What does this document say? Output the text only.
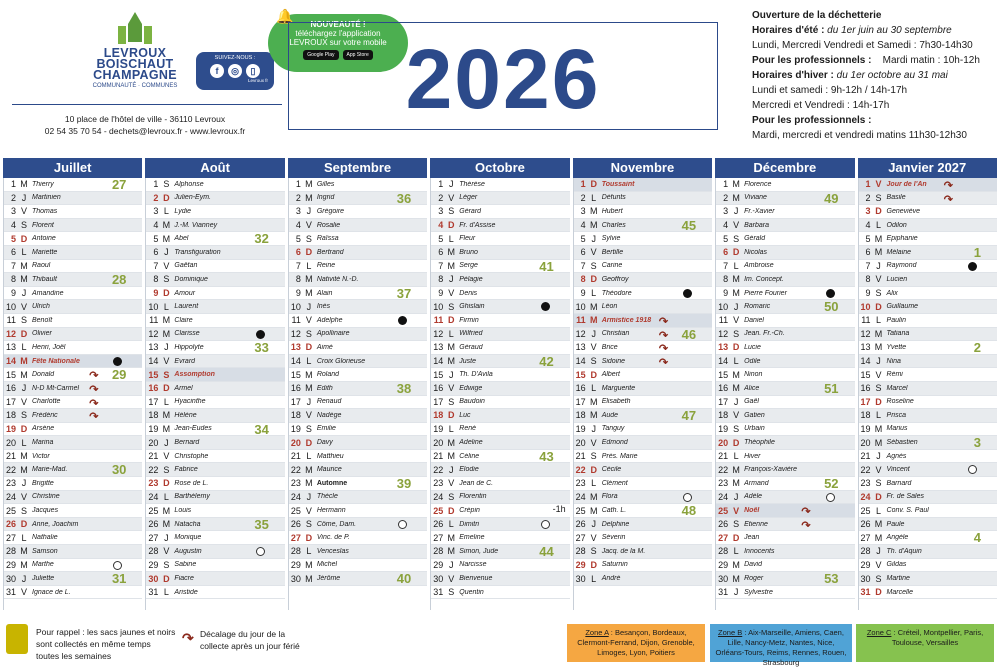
LEVROUX
BOISCHAUT
CHAMPAGNE
COMMUNAUTÉ · COMMUNES
SUIVEZ-NOUS :
f	◎	▯
Levroux fr
NOUVEAUTÉ !
téléchargez l'application
LEVROUX sur votre mobile
Google Play	App Store
🔔
10 place de l'hôtel de ville - 36110 Levroux
02 54 35 70 54 - dechets@levroux.fr - www.levroux.fr
2026
Ouverture de la déchetterie
Horaires d'été : du 1er juin au 30 septembre
Lundi, Mercredi Vendredi et Samedi : 7h30-14h30
Pour les professionnels : Mardi matin : 10h-12h
Horaires d'hiver : du 1er octobre au 31 mai
Lundi et samedi : 9h-12h / 14h-17h
Mercredi et Vendredi : 14h-17h
Pour les professionnels :
Mardi, mercredi et vendredi matins 11h30-12h30
Juillet
1 M Thierry	27
2 J Martinien
3 V Thomas
4 S Florent
5 D Antoine
6 L Mariette
7 M Raoul
8 M Thibault	28
9 J Amandine
10 V Ulrich
11 S Benoît
12 D Olivier
13 L Henri, Joël
14 M Fête Nationale
15 M Donald	29
↷
16 J N-D Mt-Carmel ↷
17 V Charlotte	↷
18 S Frédéric	↷
19 D Arsène
20 L Marina
21 M Victor
22 M Marie-Mad.	30
23 J Brigitte
24 V Christine
25 S Jacques
26 D Anne, Joachim
27 L Nathalie
28 M Samson
29 M Marthe
30 J Juliette	31
31 V Ignace de L.
Août
1 S Alphonse
2 D Julien-Eym.
3 L Lydie
4 M J.-M. Vianney
5 M Abel	32
6 J Transfiguration
7 V Gaëtan
8 S Dominique
9 D Amour
10 L Laurent
11 M Claire
12 M Clarisse
13 J Hippolyte	33
14 V Evrard
15 S Assomption
16 D Armel
17 L Hyacinthe
18 M Hélène
19 M Jean-Eudes	34
20 J Bernard
21 V Christophe
22 S Fabrice
23 D Rose de L.
24 L Barthélemy
25 M Louis
26 M Natacha	35
27 J Monique
28 V Augustin
29 S Sabine
30 D Fiacre
31 L Aristide
Septembre
1 M Gilles
2 M Ingrid	36
3 J Grégoire
4 V Rosalie
5 S Raïssa
6 D Bertrand
7 L Reine
8 M Nativité N.-D.
9 M Alain	37
10 J Inès
11 V Adelphe
12 S Apollinaire
13 D Aimé
14 L Croix Glorieuse
15 M Roland
16 M Edith	38
17 J Renaud
18 V Nadège
19 S Emilie
20 D Davy
21 L Matthieu
22 M Maurice
23 M Automne	39
24 J Thècle
25 V Hermann
26 S Côme, Dam.
27 D Vinc. de P.
28 L Venceslas
29 M Michel
30 M Jérôme	40
Octobre
1 J Thérèse
2 V Léger
3 S Gérard
4 D Fr. d'Assise
5 L Fleur
6 M Bruno
7 M Serge	41
8 J Pélagie
9 V Denis
10 S Ghislain
11 D Firmin
12 L Wilfried
13 M Géraud
14 M Juste	42
15 J Th. D'Avila
16 V Edwige
17 S Baudoin
18 D Luc
19 L René
20 M Adeline
21 M Céline	43
22 J Elodie
23 V Jean de C.
24 S Florentin
25 D Crépin	-1h
26 L Dimitri
27 M Emeline
28 M Simon, Jude	44
29 J Narcisse
30 V Bienvenue
31 S Quentin
Novembre
1 D Toussaint
2 L Défunts
3 M Hubert
4 M Charles	45
5 J Sylvie
6 V Bertille
7 S Carine
8 D Geoffroy
9 L Théodore
10 M Léon
11 M Armistice 1918 ↷
12 J Christian	46
↷
13 V Brice	↷
14 S Sidoine	↷
15 D Albert
16 L Marguerite
17 M Elisabeth
18 M Aude	47
19 J Tanguy
20 V Edmond
21 S Prés. Marie
22 D Cécile
23 L Clément
24 M Flora
25 M Cath. L.	48
26 J Delphine
27 V Séverin
28 S Jacq. de la M.
29 D Saturnin
30 L André
Décembre
1 M Florence
2 M Viviane	49
3 J Fr.-Xavier
4 V Barbara
5 S Gérald
6 D Nicolas
7 L Ambroise
8 M Im. Concept.
9 M Pierre Fourier
10 J Romaric	50
11 V Daniel
12 S Jean. Fr.-Ch.
13 D Lucie
14 L Odile
15 M Ninon
16 M Alice	51
17 J Gaël
18 V Gatien
19 S Urbain
20 D Théophile
21 L Hiver
22 M François-Xavière
23 M Armand	52
24 J Adèle
25 V Noël	↷
26 S Etienne	↷
27 D Jean
28 L Innocents
29 M David
30 M Roger	53
31 J Sylvestre
Janvier 2027
1 V Jour de l'An	↷
2 S Basile	↷
3 D Geneviève
4 L Odilon
5 M Epiphanie
6 M Mélaine	1
7 J Raymond
8 V Lucien
9 S Alix
10 D Guillaume
11 L Paulin
12 M Tatiana
13 M Yvette	2
14 J Nina
15 V Rémi
16 S Marcel
17 D Roseline
18 L Prisca
19 M Marius
20 M Sébastien	3
21 J Agnès
22 V Vincent
23 S Barnard
24 D Fr. de Sales
25 L Conv. S. Paul
26 M Paule
27 M Angèle	4
28 J Th. d'Aquin
29 V Gildas
30 S Martine
31 D Marcelle
Pour rappel : les sacs jaunes et noirs sont collectés en même temps toutes les semaines
↷ Décalage du jour de la collecte après un jour férié
Zone A : Besançon, Bordeaux, Clermont-Ferrand, Dijon, Grenoble, Limoges, Lyon, Poitiers
Zone B : Aix-Marseille, Amiens, Caen, Lille, Nancy-Metz, Nantes, Nice, Orléans-Tours, Reims, Rennes, Rouen, Strasbourg
Zone C : Créteil, Montpellier, Paris, Toulouse, Versailles
